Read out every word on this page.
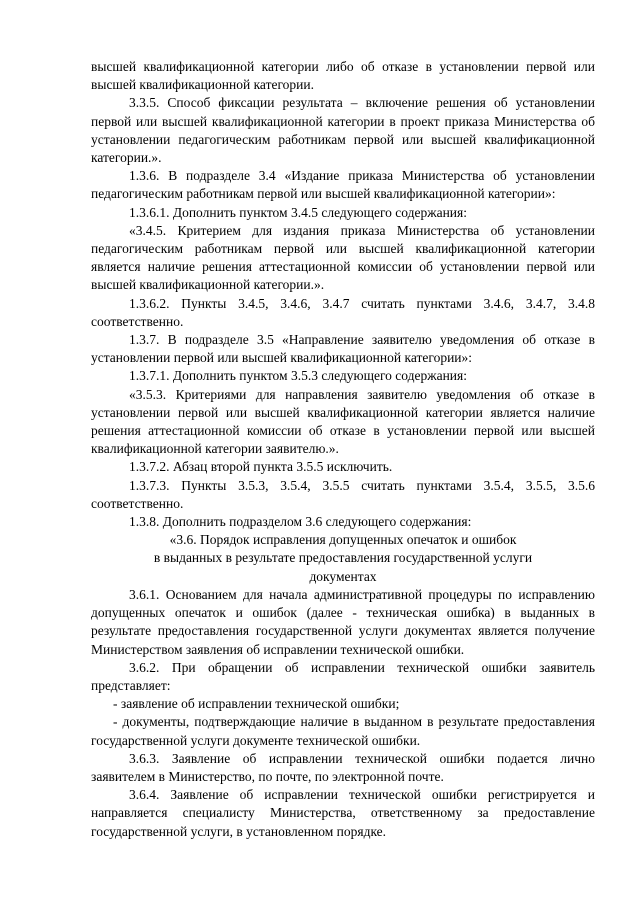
высшей квалификационной категории либо об отказе в установлении первой или высшей квалификационной категории.

3.3.5. Способ фиксации результата – включение решения об установлении первой или высшей квалификационной категории в проект приказа Министерства об установлении педагогическим работникам первой или высшей квалификационной категории.».

1.3.6. В подразделе 3.4 «Издание приказа Министерства об установлении педагогическим работникам первой или высшей квалификационной категории»:

1.3.6.1. Дополнить пунктом 3.4.5 следующего содержания:

«3.4.5. Критерием для издания приказа Министерства об установлении педагогическим работникам первой или высшей квалификационной категории является наличие решения аттестационной комиссии об установлении первой или высшей квалификационной категории.».

1.3.6.2. Пункты 3.4.5, 3.4.6, 3.4.7 считать пунктами 3.4.6, 3.4.7, 3.4.8 соответственно.

1.3.7. В подразделе 3.5 «Направление заявителю уведомления об отказе в установлении первой или высшей квалификационной категории»:

1.3.7.1. Дополнить пунктом 3.5.3 следующего содержания:

«3.5.3. Критериями для направления заявителю уведомления об отказе в установлении первой или высшей квалификационной категории является наличие решения аттестационной комиссии об отказе в установлении первой или высшей квалификационной категории заявителю.».

1.3.7.2. Абзац второй пункта 3.5.5 исключить.

1.3.7.3. Пункты 3.5.3, 3.5.4, 3.5.5 считать пунктами 3.5.4, 3.5.5, 3.5.6 соответственно.

1.3.8. Дополнить подразделом 3.6 следующего содержания:

«3.6. Порядок исправления допущенных опечаток и ошибок

в выданных в результате предоставления государственной услуги

документах

3.6.1. Основанием для начала административной процедуры по исправлению допущенных опечаток и ошибок (далее - техническая ошибка) в выданных в результате предоставления государственной услуги документах является получение Министерством заявления об исправлении технической ошибки.

3.6.2. При обращении об исправлении технической ошибки заявитель представляет:

- заявление об исправлении технической ошибки;

- документы, подтверждающие наличие в выданном в результате предоставления государственной услуги документе технической ошибки.

3.6.3. Заявление об исправлении технической ошибки подается лично заявителем в Министерство, по почте, по электронной почте.

3.6.4. Заявление об исправлении технической ошибки регистрируется и направляется специалисту Министерства, ответственному за предоставление государственной услуги, в установленном порядке.
